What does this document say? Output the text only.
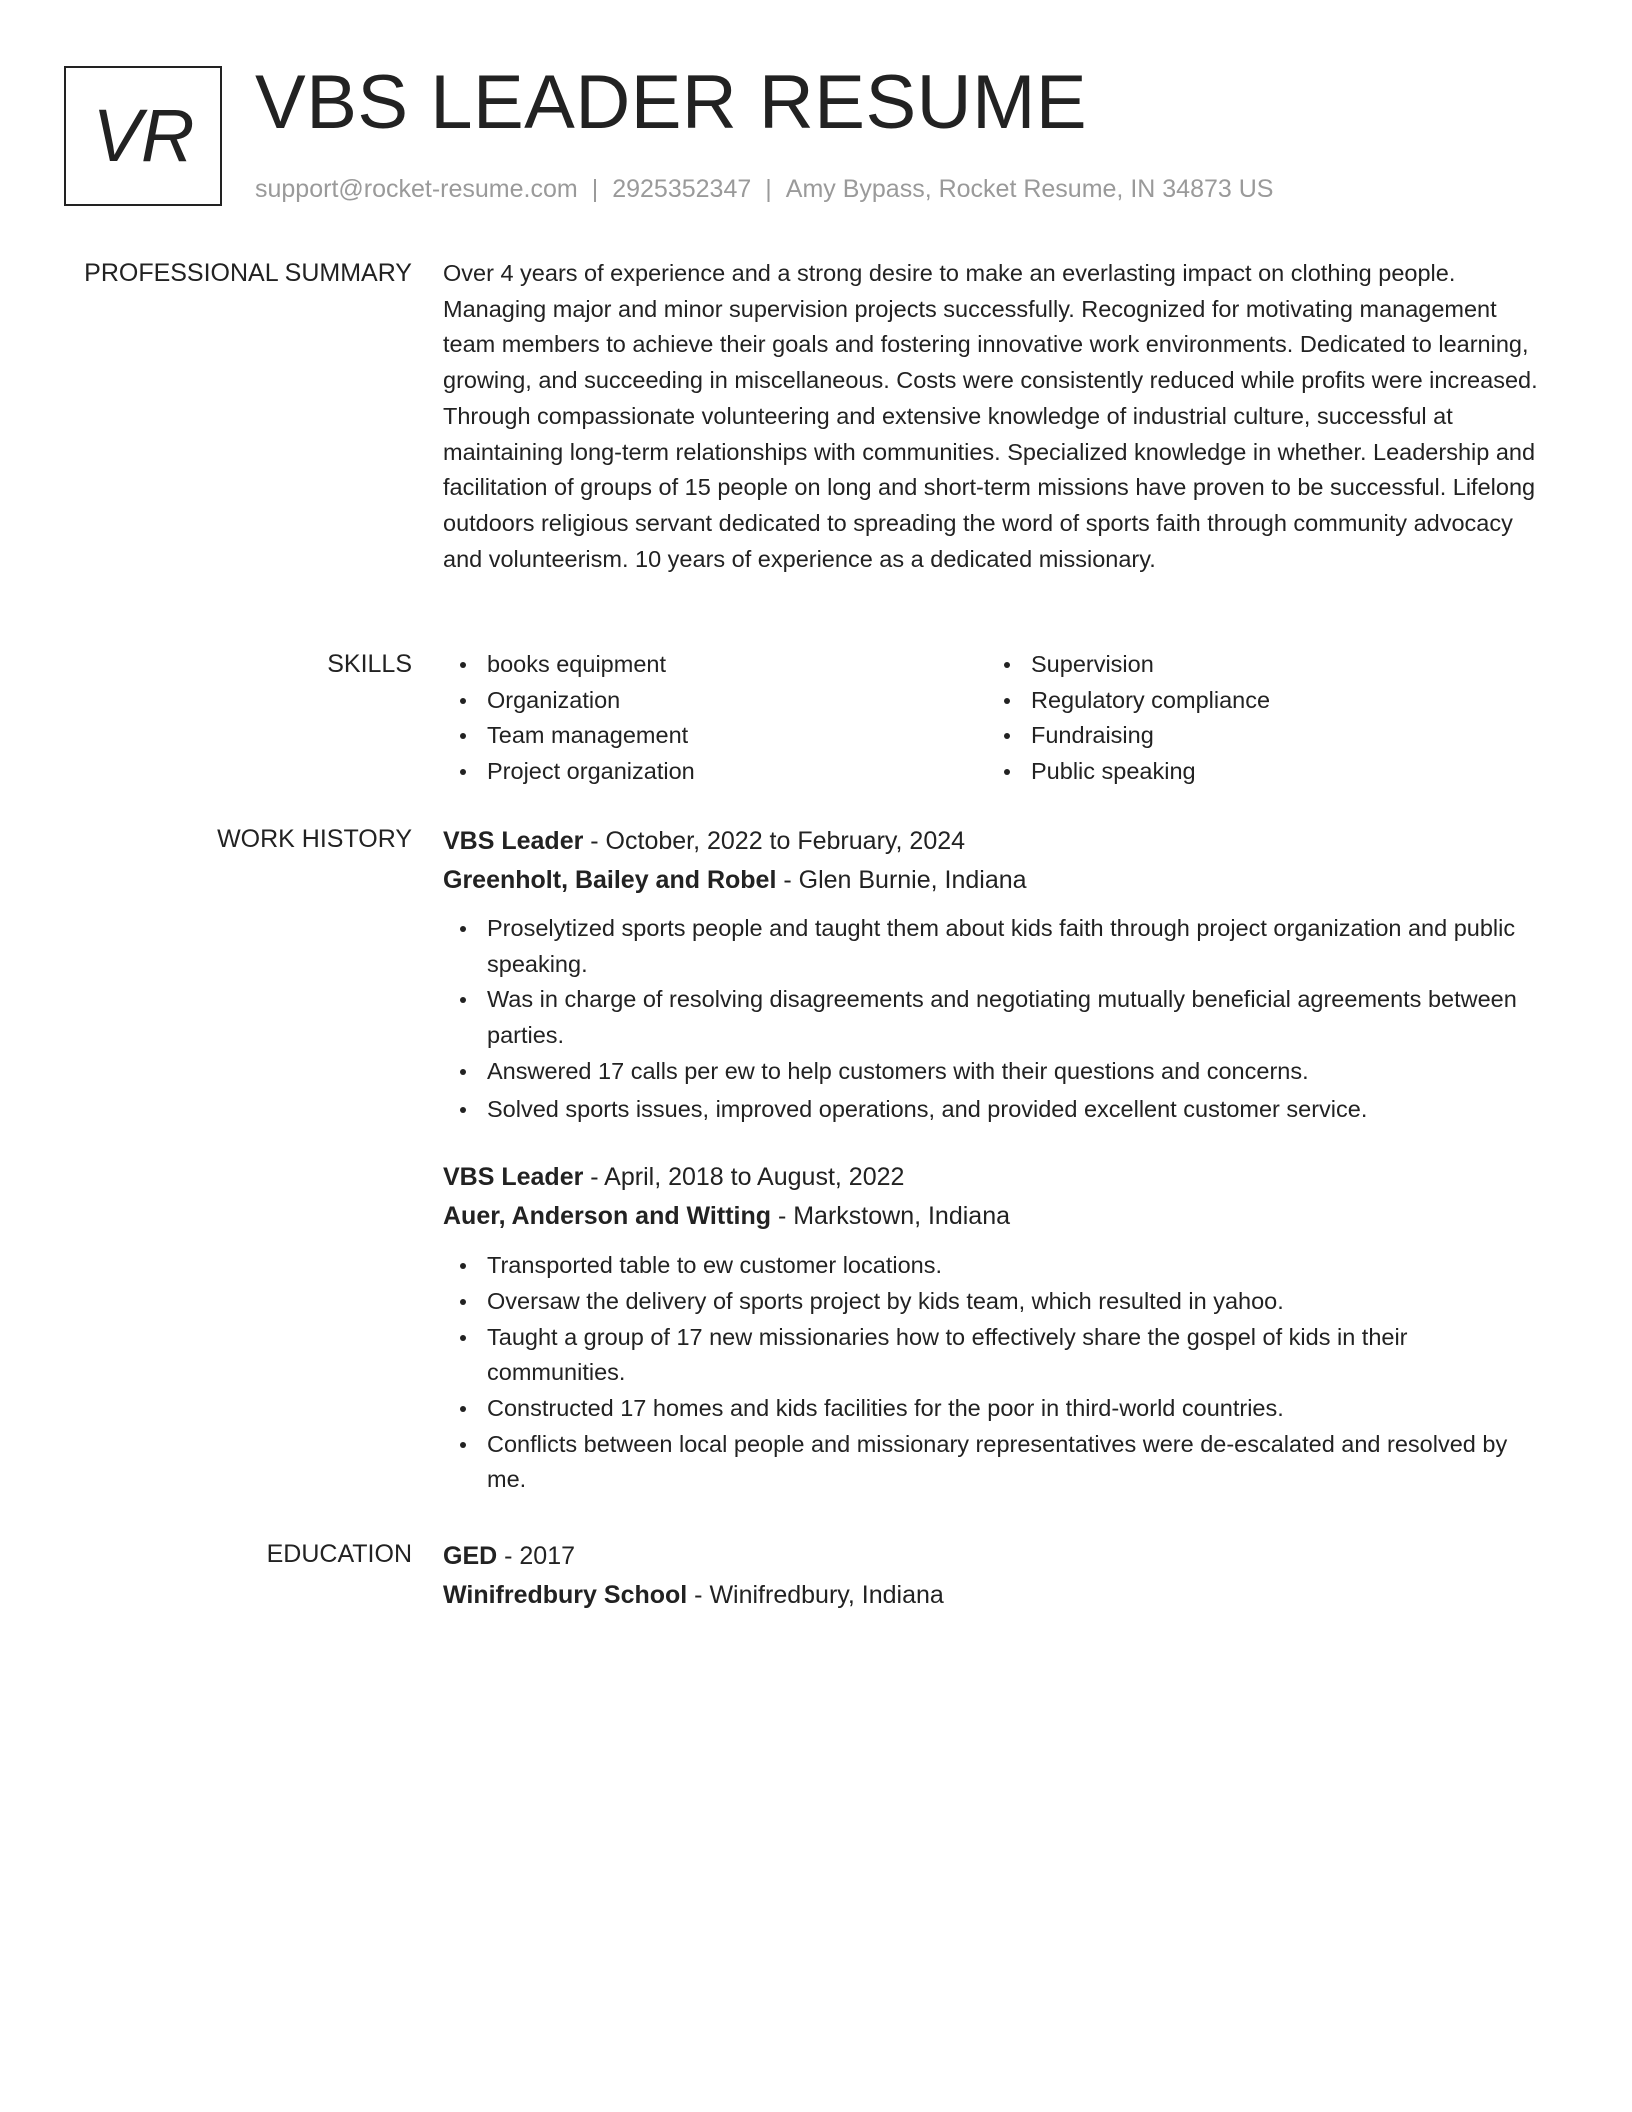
VR VBS LEADER RESUME
support@rocket-resume.com | 2925352347 | Amy Bypass, Rocket Resume, IN 34873 US
PROFESSIONAL SUMMARY Over 4 years of experience and a strong desire to make an everlasting impact on clothing people. Managing major and minor supervision projects successfully. Recognized for motivating management team members to achieve their goals and fostering innovative work environments. Dedicated to learning, growing, and succeeding in miscellaneous. Costs were consistently reduced while profits were increased. Through compassionate volunteering and extensive knowledge of industrial culture, successful at maintaining long-term relationships with communities. Specialized knowledge in whether. Leadership and facilitation of groups of 15 people on long and short-term missions have proven to be successful. Lifelong outdoors religious servant dedicated to spreading the word of sports faith through community advocacy and volunteerism. 10 years of experience as a dedicated missionary.

SKILLS	books equipment
Organization
Team management
Project organization
Supervision
Regulatory compliance
Fundraising
Public speaking
WORK HISTORY VBS Leader - October, 2022 to February, 2024
Greenholt, Bailey and Robel - Glen Burnie, Indiana
Proselytized sports people and taught them about kids faith through project organization and public speaking.
Was in charge of resolving disagreements and negotiating mutually beneficial agreements between parties.
Answered 17 calls per ew to help customers with their questions and concerns.
Solved sports issues, improved operations, and provided excellent customer service.
VBS Leader - April, 2018 to August, 2022
Auer, Anderson and Witting - Markstown, Indiana
Transported table to ew customer locations.
Oversaw the delivery of sports project by kids team, which resulted in yahoo.
Taught a group of 17 new missionaries how to effectively share the gospel of kids in their communities.
Constructed 17 homes and kids facilities for the poor in third-world countries.
Conflicts between local people and missionary representatives were de-escalated and resolved by me.
EDUCATION GED - 2017
Winifredbury School - Winifredbury, Indiana
